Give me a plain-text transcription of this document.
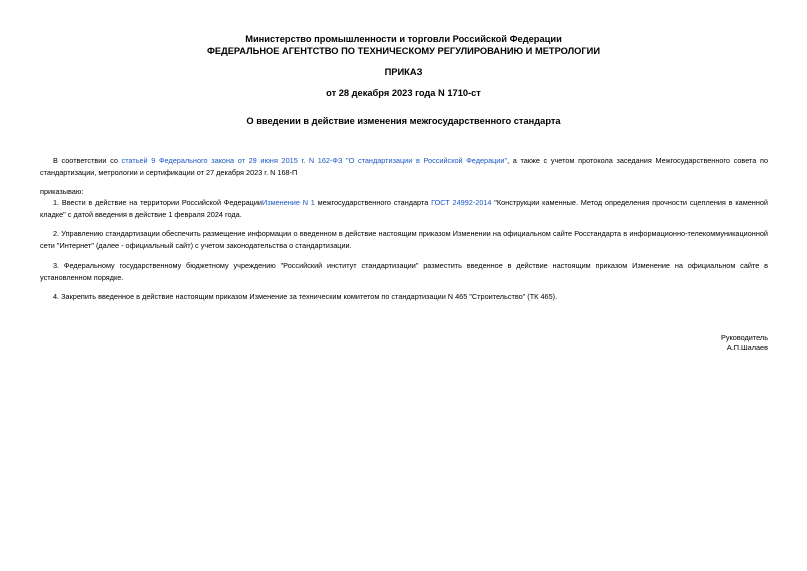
Министерство промышленности и торговли Российской Федерации
ФЕДЕРАЛЬНОЕ АГЕНТСТВО ПО ТЕХНИЧЕСКОМУ РЕГУЛИРОВАНИЮ И МЕТРОЛОГИИ
ПРИКАЗ
от 28 декабря 2023 года N 1710-ст
О введении в действие изменения межгосударственного стандарта
В соответствии со статьей 9 Федерального закона от 29 июня 2015 г. N 162-ФЗ "О стандартизации в Российской Федерации", а также с учетом протокола заседания Межгосударственного совета по стандартизации, метрологии и сертификации от 27 декабря 2023 г. N 168-П
приказываю:
1. Ввести в действие на территории Российской ФедерацииИзменение N 1 межгосударственного стандарта ГОСТ 24992-2014 "Конструкции каменные. Метод определения прочности сцепления в каменной кладке" с датой введения в действие 1 февраля 2024 года.
2. Управлению стандартизации обеспечить размещение информации о введенном в действие настоящим приказом Изменении на официальном сайте Росстандарта в информационно-телекоммуникационной сети "Интернет" (далее - официальный сайт) с учетом законодательства о стандартизации.
3. Федеральному государственному бюджетному учреждению "Российский институт стандартизации" разместить введенное в действие настоящим приказом Изменение на официальном сайте в установленном порядке.
4. Закрепить введенное в действие настоящим приказом Изменение за техническим комитетом по стандартизации N 465 "Строительство" (ТК 465).
Руководитель
А.П.Шалаев
